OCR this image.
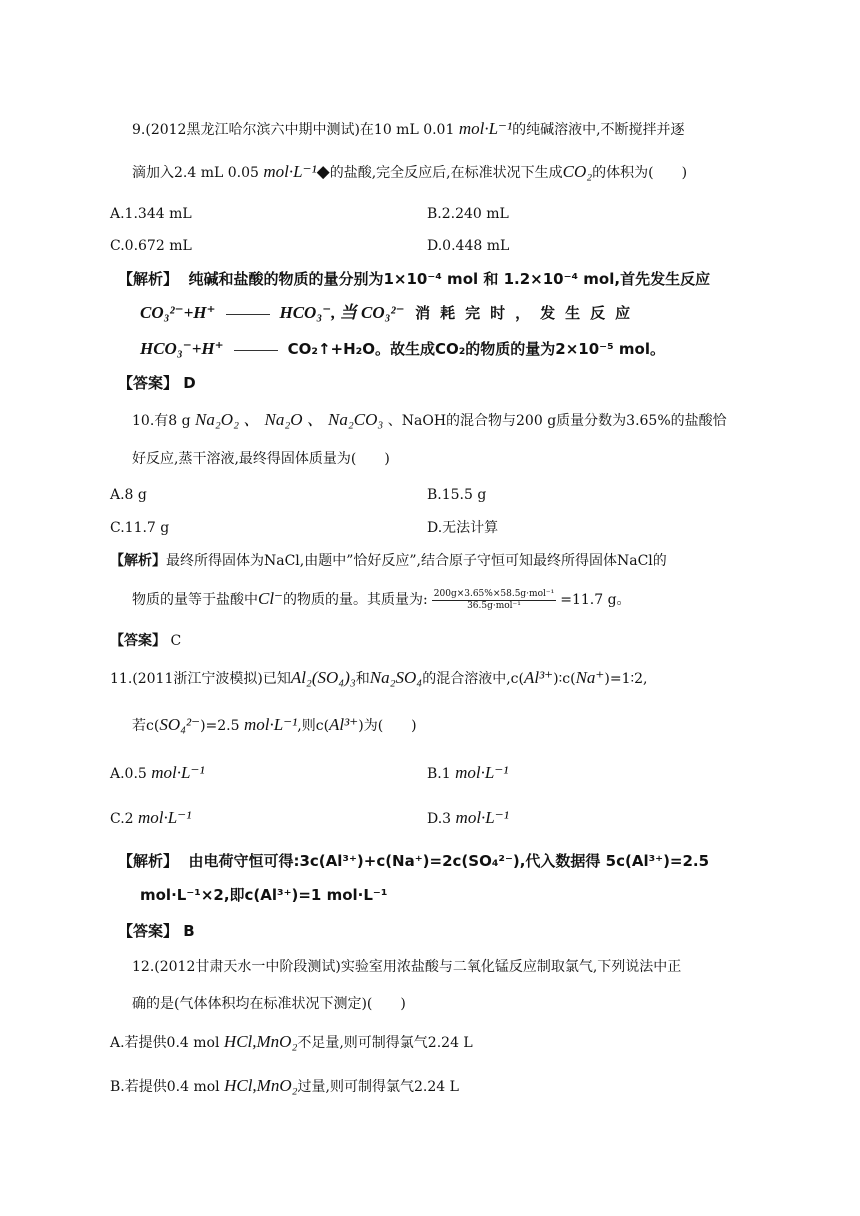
9.(2012黑龙江哈尔滨六中期中测试)在10 mL 0.01 mol·L⁻¹的纯碱溶液中,不断搅拌并逐
滴加入2.4 mL 0.05 mol·L⁻¹◆的盐酸,完全反应后,在标准状况下生成CO₂的体积为(　　)
A.1.344 mL	B.2.240 mL
C.0.672 mL	D.0.448 mL
【解析】 纯碱和盐酸的物质的量分别为1×10⁻⁴ mol 和 1.2×10⁻⁴ mol,首先发生反应
CO₃²⁻+H⁺	HCO₃⁻, 当 CO₃²⁻ 消耗完时，发生反应
HCO₃⁻+H⁺	CO₂↑+H₂O。故生成CO₂的物质的量为2×10⁻⁵ mol。
【答案】 D
10.有8 g Na₂O₂ 、 Na₂O 、 Na₂CO₃ 、NaOH的混合物与200 g质量分数为3.65%的盐酸恰
好反应,蒸干溶液,最终得固体质量为(　　)
A.8 g	B.15.5 g
C.11.7 g	D.无法计算
【解析】最终所得固体为NaCl,由题中”恰好反应”,结合原子守恒可知最终所得固体NaCl的
物质的量等于盐酸中Cl⁻的物质的量。其质量为: $\frac{\text{200g×3.65\%×58.5g·mol⁻¹}}{\text{36.5g·mol⁻¹}} =11.7$ g。
【答案】 C
11.(2011浙江宁波模拟)已知Al₂(SO₄)₃和Na₂SO₄的混合溶液中,c(Al³⁺)∶c(Na⁺)=1∶2,
若c(SO₄²⁻)=2.5 mol·L⁻¹,则c(Al³⁺)为(　　)
A.0.5 mol·L⁻¹	B.1 mol·L⁻¹
C.2 mol·L⁻¹	D.3 mol·L⁻¹
【解析】 由电荷守恒可得:3c(Al³⁺)+c(Na⁺)=2c(SO₄²⁻),代入数据得 5c(Al³⁺)=2.5
mol·L⁻¹×2,即c(Al³⁺)=1 mol·L⁻¹
【答案】 B
12.(2012甘肃天水一中阶段测试)实验室用浓盐酸与二氧化锰反应制取氯气,下列说法中正
确的是(气体体积均在标准状况下测定)(　　)
A.若提供0.4 mol HCl,MnO₂不足量,则可制得氯气2.24 L
B.若提供0.4 mol HCl,MnO₂过量,则可制得氯气2.24 L
